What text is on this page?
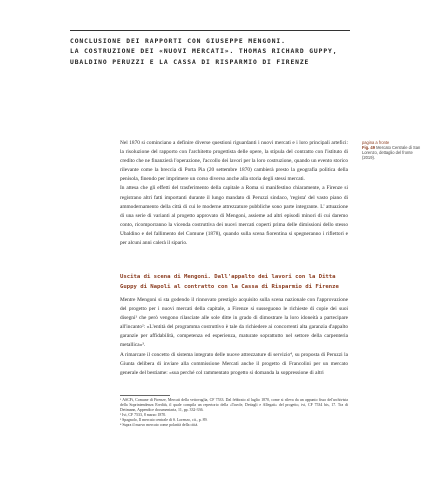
CONCLUSIONE DEI RAPPORTI CON GIUSEPPE MENGONI.
LA COSTRUZIONE DEI «NUOVI MERCATI». THOMAS RICHARD GUPPY,
UBALDINO PERUZZI E LA CASSA DI RISPARMIO DI FIRENZE
pagina a fronte
Fig. 49 Mercato Centrale di San Lorenzo, dettaglio del fronte (2019).

Nel 1870 si cominciano a definire diverse questioni riguardanti i nuovi mercati e i loro principali artefici: la risoluzione del rapporto con l'architetto progettista delle opere, la stipula del contratto con l'istituto di credito che ne finanzierà l'operazione, l'accollo dei lavori per la loro costruzione, quando un evento storico rilevante come la breccia di Porta Pia (20 settembre 1870) cambierà presto la geografia politica della penisola, finendo per imprimere un corso diverso anche alla storia degli stessi mercati.

In attesa che gli effetti del trasferimento della capitale a Roma si manifestino chiaramente, a Firenze si registrano altri fatti importanti durante il lungo mandato di Peruzzi sindaco, 'regista' del vasto piano di ammodernamento della città di cui le moderne attrezzature pubbliche sono parte integrante. L' attuazione di una serie di varianti al progetto approvato di Mengoni, assieme ad altri episodi minori di cui daremo conto, ricomporranno la vicenda costruttiva dei nuovi mercati coperti prima delle dimissioni dello stesso Ubaldino e del fallimento del Comune (1878), quando sulla scena fiorentina si spegneranno i riflettori e per alcuni anni calerà il sipario.

Uscita di scena di Mengoni. Dall'appalto dei lavori con la Ditta Guppy di Napoli al contratto con la Cassa di Risparmio di Firenze

Mentre Mengoni si sta godendo il rinnovato prestigio acquisito sulla scena nazionale con l'approvazione del progetto per i nuovi mercati della capitale, a Firenze si susseguono le richieste di copie dei suoi disegni¹ che però vengono rilasciate alle sole ditte in grado di dimostrare la loro idoneità a partecipare all'incanto²: «L'entità del programma costruttivo è tale da richiedere ai concorrenti alta garanzia d'appalto garanzie per affidabilità, competenza ed esperienza, maturate soprattutto nel settore della carpenteria metallica»³.

A rimarcare il concetto di sistema integrato delle nuove attrezzature di servizio⁴, su proposta di Peruzzi la Giunta delibera di inviare alla commissione Mercati anche il progetto di Francolini per un mercato generale del bestiame: «sua perché col rammentato progetto si domanda la soppressione di altri

¹ ASCFi, Comune di Firenze, Mercati della vettovaglia, CF 7533. Dal febbraio al luglio 1870, come si rileva da un appunto fisso del'archivista della Soprintendenza Eredità, il quale compila un repertorio della «Tavole, Dettagli e Allegati» del progetto, ivi, CF 7534 bis, 17. Tra di Dettmann, Appendice documentaria, 11, pp. 332-336.

² Ivi, CF 7533, 8 marzo 1870.

³ Spagnolo, Il mercato centrale di S. Lorenzo, cit., p. 89.

⁴ Supra il nuovo mercato come polarità della città.
